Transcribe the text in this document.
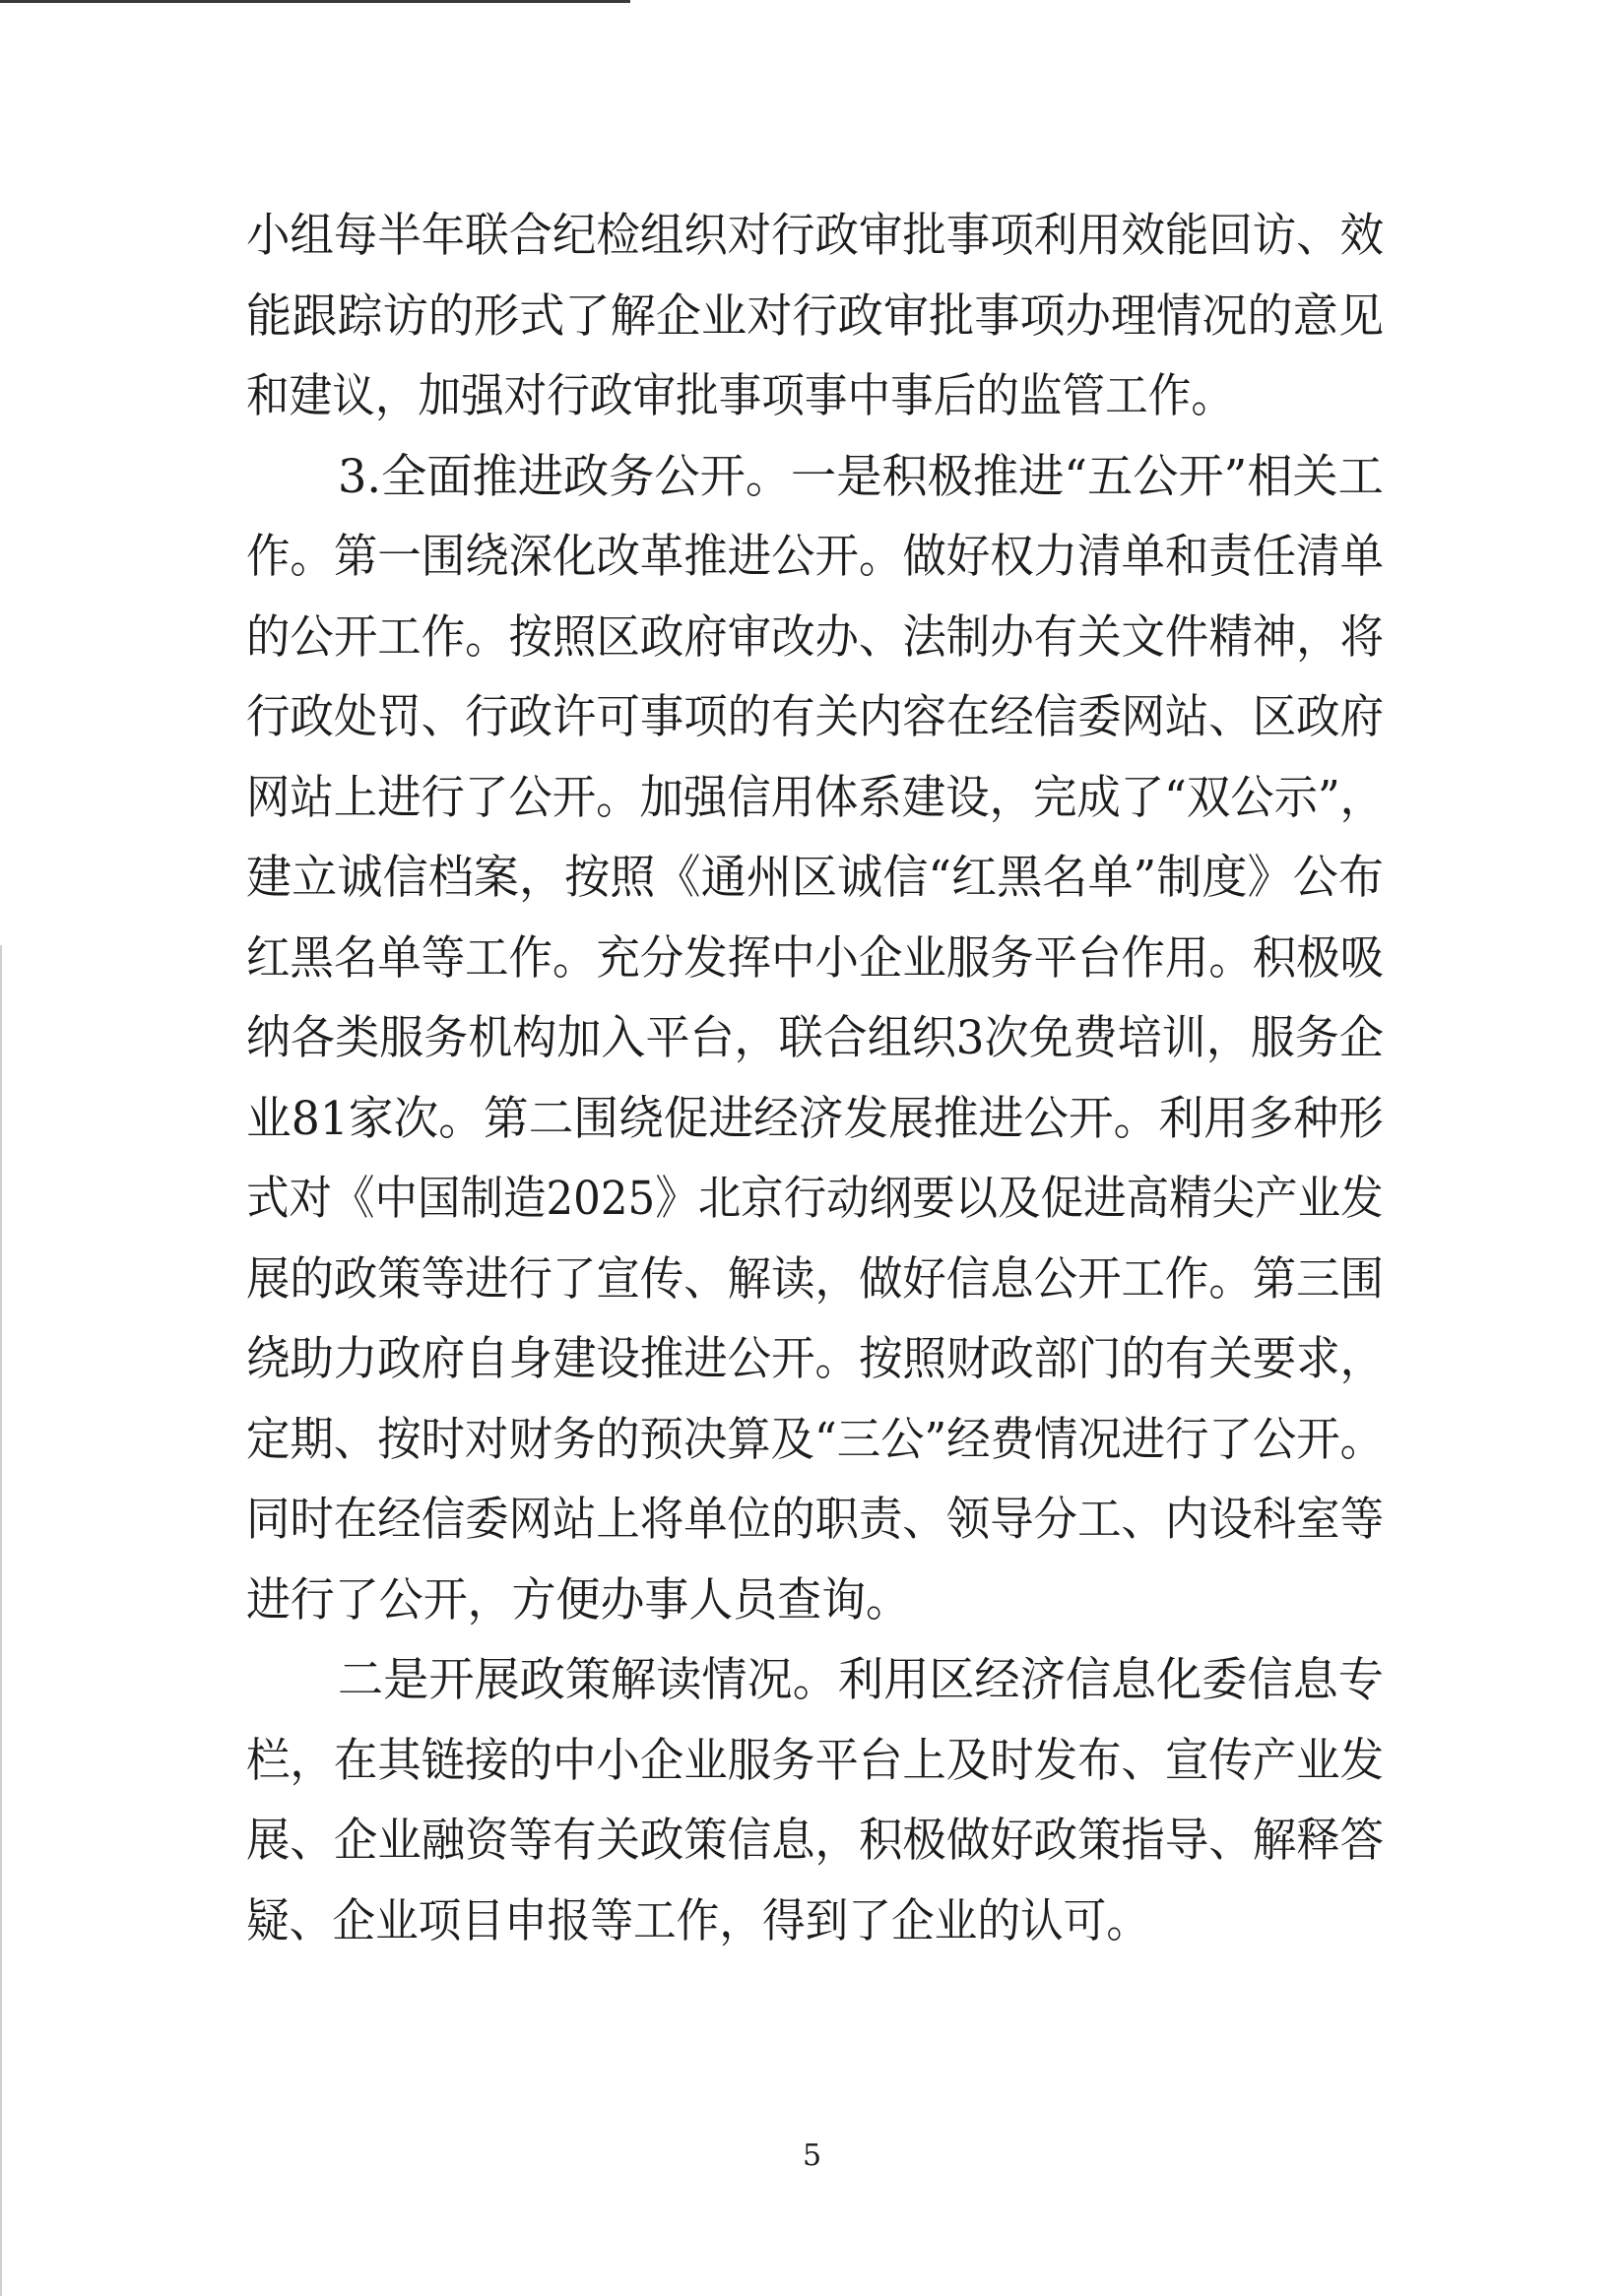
小组每半年联合纪检组织对行政审批事项利用效能回访、效
能跟踪访的形式了解企业对行政审批事项办理情况的意见
和建议，加强对行政审批事项事中事后的监管工作。
3.全面推进政务公开。一是积极推进“五公开”相关工
作。第一围绕深化改革推进公开。做好权力清单和责任清单
的公开工作。按照区政府审改办、法制办有关文件精神，将
行政处罚、行政许可事项的有关内容在经信委网站、区政府
网站上进行了公开。加强信用体系建设，完成了“双公示”，
建立诚信档案，按照《通州区诚信“红黑名单”制度》公布
红黑名单等工作。充分发挥中小企业服务平台作用。积极吸
纳各类服务机构加入平台，联合组织3次免费培训，服务企
业81家次。第二围绕促进经济发展推进公开。利用多种形
式对《中国制造2025》北京行动纲要以及促进高精尖产业发
展的政策等进行了宣传、解读，做好信息公开工作。第三围
绕助力政府自身建设推进公开。按照财政部门的有关要求，
定期、按时对财务的预决算及“三公”经费情况进行了公开。
同时在经信委网站上将单位的职责、领导分工、内设科室等
进行了公开，方便办事人员查询。
二是开展政策解读情况。利用区经济信息化委信息专
栏，在其链接的中小企业服务平台上及时发布、宣传产业发
展、企业融资等有关政策信息，积极做好政策指导、解释答
疑、企业项目申报等工作，得到了企业的认可。
5
